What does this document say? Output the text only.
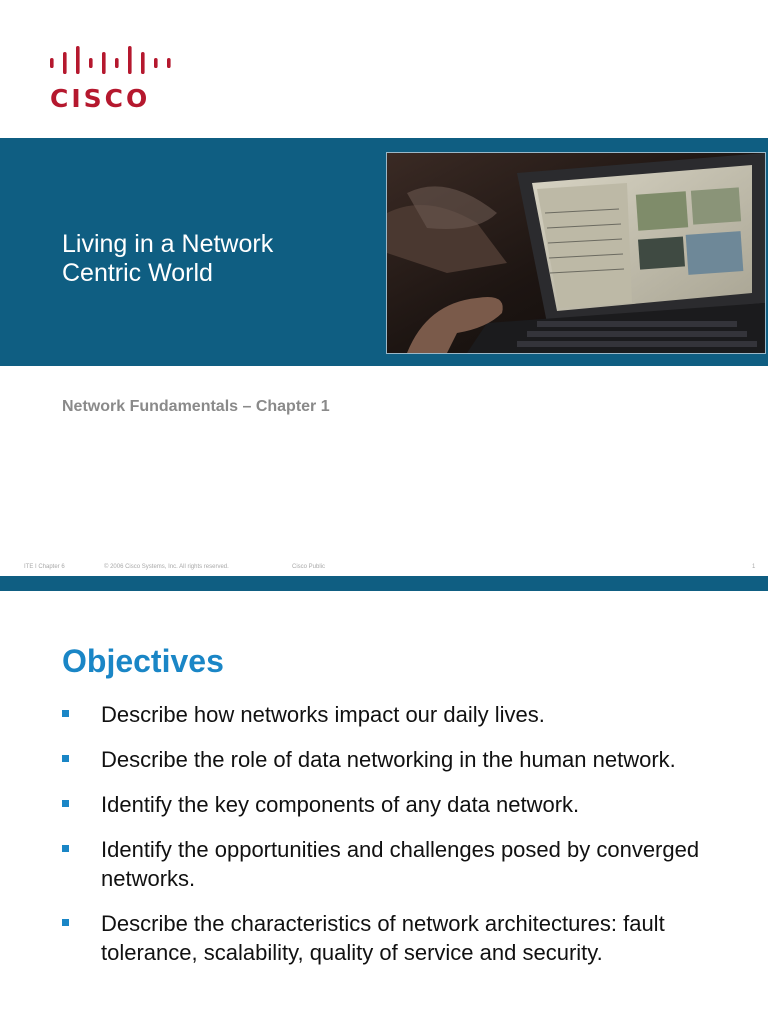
CISCO
Living in a Network
Centric World
Network Fundamentals – Chapter 1
ITE I Chapter 6	© 2006 Cisco Systems, Inc. All rights reserved.	Cisco Public	1
Objectives
Describe how networks impact our daily lives.
Describe the role of data networking in the human network.
Identify the key components of any data network.
Identify the opportunities and challenges posed by converged networks.
Describe the characteristics of network architectures: fault tolerance, scalability, quality of service and security.
